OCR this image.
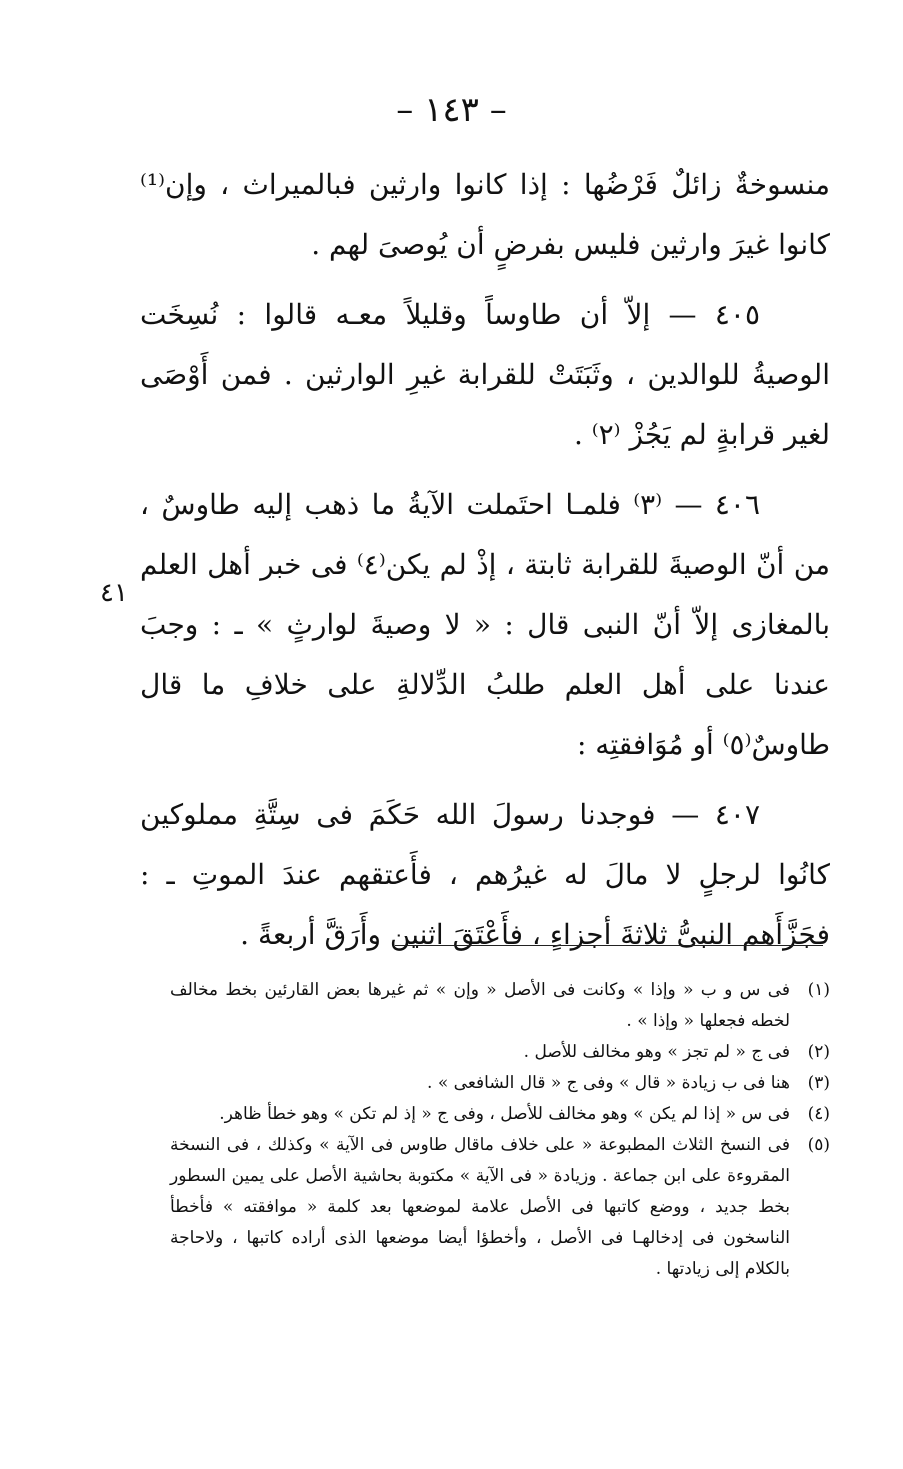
– ١٤٣ –
٤١

منسوخةٌ زائلٌ فَرْضُها : إذا كانوا وارثين فبالميراث ، وإن⁽¹⁾ كانوا غيرَ وارثين فليس بفرضٍ أن يُوصىَ لهم .

٤٠٥ — إلاّ أن طاوساً وقليلاً معـه قالوا : نُسِخَت الوصيةُ للوالدين ، وثَبَتَتْ للقرابة غيرِ الوارثين . فمن أَوْصَى لغير قرابةٍ لم يَجُزْ ⁽٢⁾ .

٤٠٦ — ⁽٣⁾ فلمـا احتَملت الآيةُ ما ذهب إليه طاوسٌ ، من أنّ الوصيةَ للقرابة ثابتة ، إذْ لم يكن⁽٤⁾ فى خبر أهل العلم بالمغازى إلاّ أنّ النبى قال : « لا وصيةَ لوارثٍ » ـ : وجبَ عندنا على أهل العلم طلبُ الدِّلالةِ على خلافِ ما قال طاوسٌ⁽٥⁾ أو مُوَافقتِه :

٤٠٧ — فوجدنا رسولَ الله حَكَمَ فى سِتَّةِ مملوكين كانُوا لرجلٍ لا مالَ له غيرُهم ، فأَعتقهم عندَ الموتِ ـ : فجَزَّأَهم النبىُّ ثلاثةَ أجزاءٍ ، فأَعْتَقَ اثنين وأَرَقَّ أربعةً .

(١)
فى س و ب « وإذا » وكانت فى الأصل « وإن » ثم غيرها بعض القارئين بخط مخالف لخطه فجعلها « وإذا » .
(٢)
فى ج « لم تجز » وهو مخالف للأصل .
(٣)
هنا فى ب زيادة « قال » وفى ج « قال الشافعى » .
(٤)
فى س « إذا لم يكن » وهو مخالف للأصل ، وفى ج « إذ لم تكن » وهو خطأ ظاهر.
(٥)
فى النسخ الثلاث المطبوعة « على خلاف ماقال طاوس فى الآية » وكذلك ، فى النسخة المقروءة على ابن جماعة . وزيادة « فى الآية » مكتوبة بحاشية الأصل على يمين السطور بخط جديد ، ووضع كاتبها فى الأصل علامة لموضعها بعد كلمة « موافقته » فأخطأ الناسخون فى إدخالهـا فى الأصل ، وأخطؤا أيضا موضعها الذى أراده كاتبها ، ولاحاجة بالكلام إلى زيادتها .
